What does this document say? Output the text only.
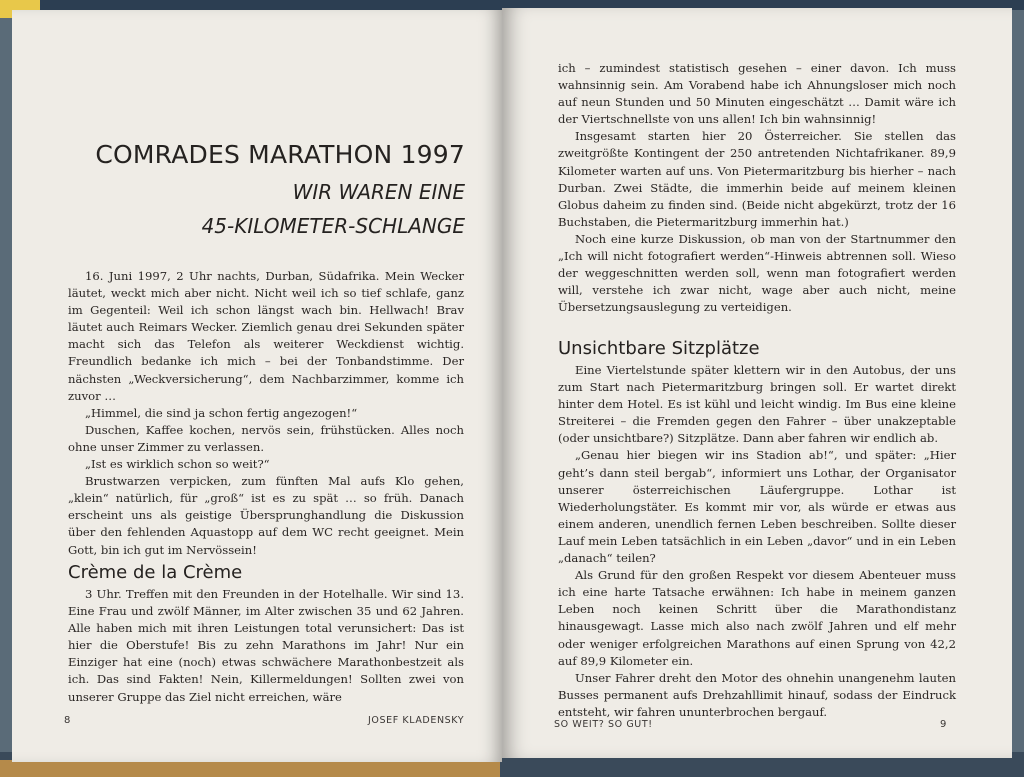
COMRADES MARATHON 1997
WIR WAREN EINE
45-KILOMETER-SCHLANGE

16. Juni 1997, 2 Uhr nachts, Durban, Südafrika. Mein Wecker läutet, weckt mich aber nicht. Nicht weil ich so tief schlafe, ganz im Gegenteil: Weil ich schon längst wach bin. Hellwach! Brav läutet auch Reimars Wecker. Ziemlich genau drei Sekunden später macht sich das Telefon als weiterer Weckdienst wichtig. Freundlich bedanke ich mich – bei der Tonbandstimme. Der nächsten „Weckversicherung“, dem Nachbarzimmer, komme ich zuvor …

„Himmel, die sind ja schon fertig angezogen!“

Duschen, Kaffee kochen, nervös sein, frühstücken. Alles noch ohne unser Zimmer zu verlassen.

„Ist es wirklich schon so weit?“

Brustwarzen verpicken, zum fünften Mal aufs Klo gehen, „klein“ natürlich, für „groß“ ist es zu spät … so früh. Danach erscheint uns als geistige Übersprunghandlung die Diskussion über den fehlenden Aquastopp auf dem WC recht geeignet. Mein Gott, bin ich gut im Nervössein!

Crème de la Crème

3 Uhr. Treffen mit den Freunden in der Hotelhalle. Wir sind 13. Eine Frau und zwölf Männer, im Alter zwischen 35 und 62 Jahren. Alle haben mich mit ihren Leistungen total verunsichert: Das ist hier die Oberstufe! Bis zu zehn Marathons im Jahr! Nur ein Einziger hat eine (noch) etwas schwächere Marathonbestzeit als ich. Das sind Fakten! Nein, Killermeldungen! Sollten zwei von unserer Gruppe das Ziel nicht erreichen, wäre

8	JOSEF KLADENSKY

ich – zumindest statistisch gesehen – einer davon. Ich muss wahnsinnig sein. Am Vorabend habe ich Ahnungsloser mich noch auf neun Stunden und 50 Minuten eingeschätzt … Damit wäre ich der Viertschnellste von uns allen! Ich bin wahnsinnig!

Insgesamt starten hier 20 Österreicher. Sie stellen das zweitgrößte Kontingent der 250 antretenden Nichtafrikaner. 89,9 Kilometer warten auf uns. Von Pietermaritzburg bis hierher – nach Durban. Zwei Städte, die immerhin beide auf meinem kleinen Globus daheim zu finden sind. (Beide nicht abgekürzt, trotz der 16 Buchstaben, die Pietermaritzburg immerhin hat.)

Noch eine kurze Diskussion, ob man von der Startnummer den „Ich will nicht fotografiert werden“-Hinweis abtrennen soll. Wieso der weggeschnitten werden soll, wenn man fotografiert werden will, verstehe ich zwar nicht, wage aber auch nicht, meine Übersetzungsauslegung zu verteidigen.

Unsichtbare Sitzplätze

Eine Viertelstunde später klettern wir in den Autobus, der uns zum Start nach Pietermaritzburg bringen soll. Er wartet direkt hinter dem Hotel. Es ist kühl und leicht windig. Im Bus eine kleine Streiterei – die Fremden gegen den Fahrer – über unakzeptable (oder unsichtbare?) Sitzplätze. Dann aber fahren wir endlich ab.

„Genau hier biegen wir ins Stadion ab!“, und später: „Hier geht’s dann steil bergab“, informiert uns Lothar, der Organisator unserer österreichischen Läufergruppe. Lothar ist Wiederholungstäter. Es kommt mir vor, als würde er etwas aus einem anderen, unendlich fernen Leben beschreiben. Sollte dieser Lauf mein Leben tatsächlich in ein Leben „davor“ und in ein Leben „danach“ teilen?

Als Grund für den großen Respekt vor diesem Abenteuer muss ich eine harte Tatsache erwähnen: Ich habe in meinem ganzen Leben noch keinen Schritt über die Marathondistanz hinausgewagt. Lasse mich also nach zwölf Jahren und elf mehr oder weniger erfolgreichen Marathons auf einen Sprung von 42,2 auf 89,9 Kilometer ein.

Unser Fahrer dreht den Motor des ohnehin unangenehm lauten Busses permanent aufs Drehzahllimit hinauf, sodass der Eindruck entsteht, wir fahren ununterbrochen bergauf.

SO WEIT? SO GUT!	9
